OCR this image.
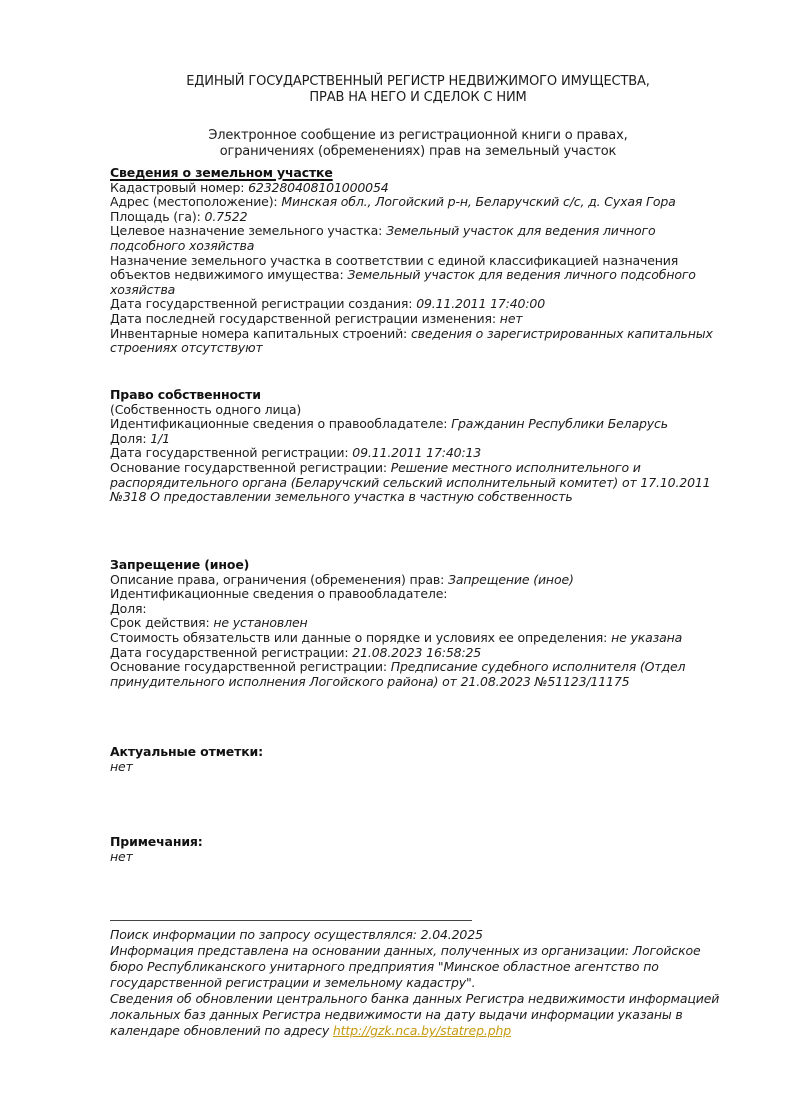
ЕДИНЫЙ ГОСУДАРСТВЕННЫЙ РЕГИСТР НЕДВИЖИМОГО ИМУЩЕСТВА,
ПРАВ НА НЕГО И СДЕЛОК С НИМ
Электронное сообщение из регистрационной книги о правах,
ограничениях (обременениях) прав на земельный участок
Сведения о земельном участке
Кадастровый номер: 623280408101000054
Адрес (местоположение): Минская обл., Логойский р-н, Беларучский с/с, д. Сухая Гора
Площадь (га): 0.7522
Целевое назначение земельного участка: Земельный участок для ведения личного подсобного хозяйства
Назначение земельного участка в соответствии с единой классификацией назначения объектов недвижимого имущества: Земельный участок для ведения личного подсобного хозяйства
Дата государственной регистрации создания: 09.11.2011 17:40:00
Дата последней государственной регистрации изменения: нет
Инвентарные номера капитальных строений: сведения о зарегистрированных капитальных строениях отсутствуют
Право собственности
(Собственность одного лица)
Идентификационные сведения о правообладателе: Гражданин Республики Беларусь
Доля: 1/1
Дата государственной регистрации: 09.11.2011 17:40:13
Основание государственной регистрации: Решение местного исполнительного и распорядительного органа (Беларучский сельский исполнительный комитет) от 17.10.2011 №318 О предоставлении земельного участка в частную собственность
Запрещение (иное)
Описание права, ограничения (обременения) прав: Запрещение (иное)
Идентификационные сведения о правообладателе:
Доля:
Срок действия: не установлен
Стоимость обязательств или данные о порядке и условиях ее определения: не указана
Дата государственной регистрации: 21.08.2023 16:58:25
Основание государственной регистрации: Предписание судебного исполнителя (Отдел принудительного исполнения Логойского района) от 21.08.2023 №51123/11175
Актуальные отметки:
нет
Примечания:
нет
Поиск информации по запросу осуществлялся: 2.04.2025
Информация представлена на основании данных, полученных из организации: Логойское бюро Республиканского унитарного предприятия "Минское областное агентство по государственной регистрации и земельному кадастру".
Сведения об обновлении центрального банка данных Регистра недвижимости информацией локальных баз данных Регистра недвижимости на дату выдачи информации указаны в календаре обновлений по адресу http://gzk.nca.by/statrep.php
